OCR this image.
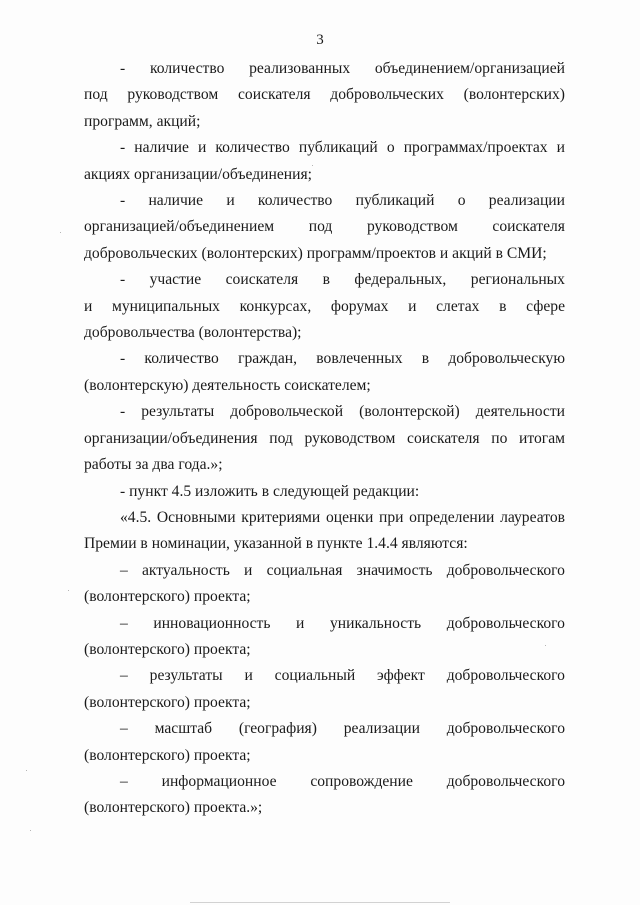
3
- количество реализованных объединением/организацией
под руководством соискателя добровольческих (волонтерских) программ, акций;

- наличие и количество публикаций о программах/проектах и акциях организации/объединения;

- наличие и количество публикаций о реализации
организацией/объединением под руководством соискателя
добровольческих (волонтерских) программ/проектов и акций в СМИ;
- участие соискателя в федеральных, региональных
и муниципальных конкурсах, форумах и слетах в сфере добровольчества (волонтерства);
- количество граждан, вовлеченных в добровольческую
(волонтерскую) деятельность соискателем;
- результаты добровольческой (волонтерской) деятельности
организации/объединения под руководством соискателя по итогам работы за два года.»;

- пункт 4.5 изложить в следующей редакции:

«4.5. Основными критериями оценки при определении лауреатов Премии в номинации, указанной в пункте 1.4.4 являются:

– актуальность и социальная значимость добровольческого
(волонтерского) проекта;
– инновационность и уникальность добровольческого
(волонтерского) проекта;
– результаты и социальный эффект добровольческого
(волонтерского) проекта;
– масштаб (география) реализации добровольческого
(волонтерского) проекта;
– информационное сопровождение добровольческого
(волонтерского) проекта.»;
